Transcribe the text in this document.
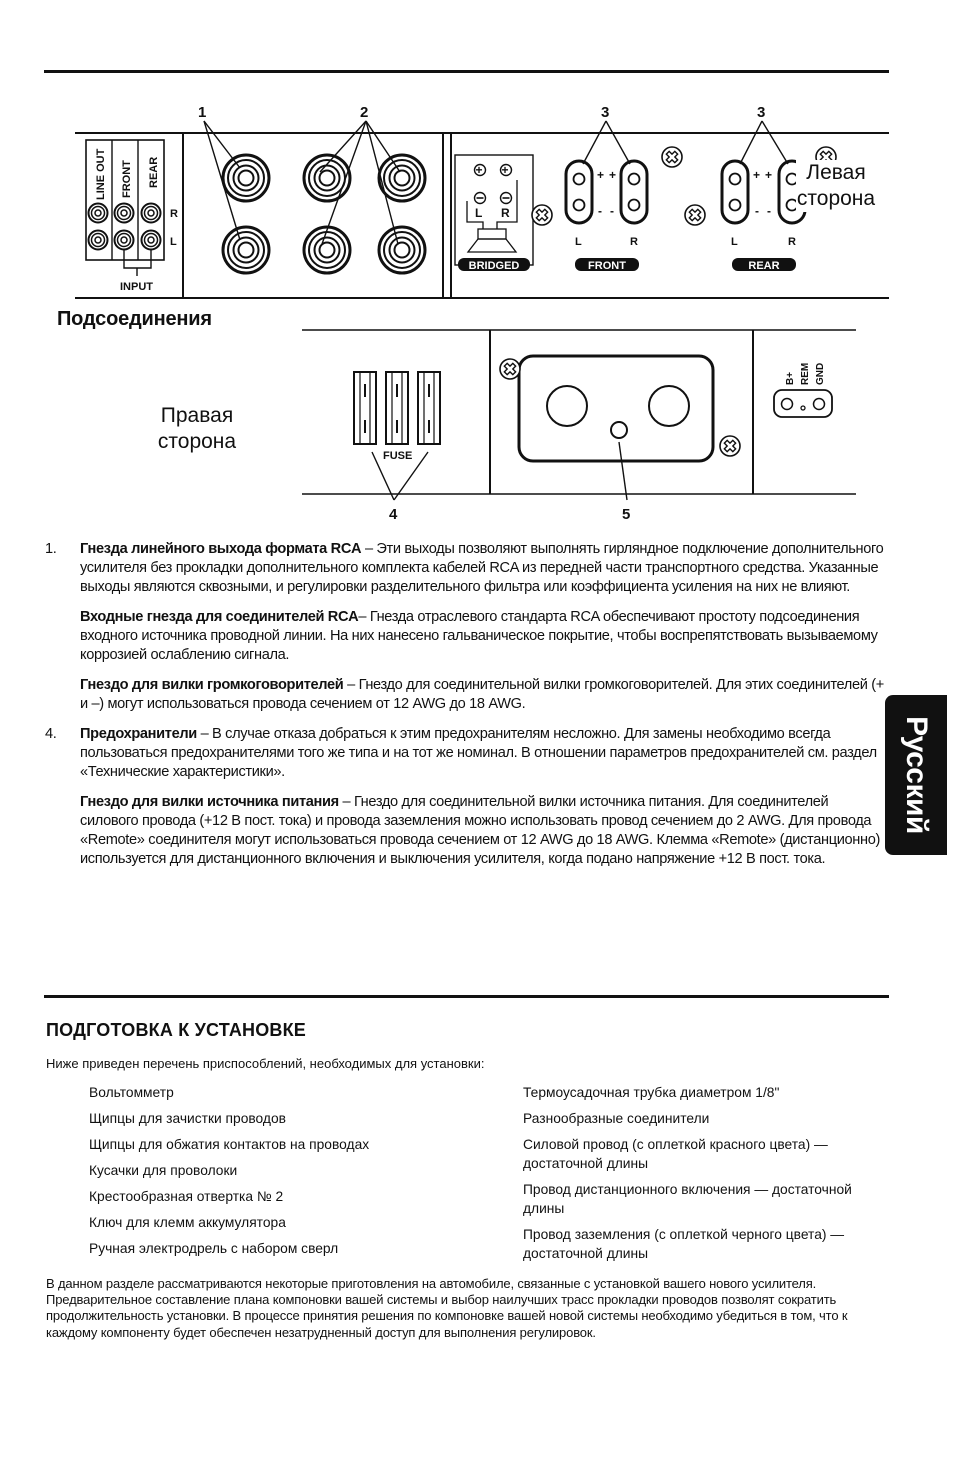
LINE OUT FRONT REAR
R
L
INPUT
1	2
+ +
L R
BRIDGED
+ +
- -
L	R
FRONT
+ +
- -
L	R
REAR
3	3
FUSE
4	5
B+ REM GND
Левая
сторона
Правая
сторона
Подсоединения
1. Гнезда линейного выхода формата RCA – Эти выходы позволяют выполнять гирляндное подключение дополнительного усилителя без прокладки дополнительного комплекта кабелей RCA из передней части транспортного средства. Указанные выходы являются сквозными, и регулировки разделительного фильтра или коэффициента усиления на них не влияют.
Входные гнезда для соединителей RCA– Гнезда отраслевого стандарта RCA обеспечивают простоту подсоединения входного источника проводной линии. На них нанесено гальваническое покрытие, чтобы воспрепятствовать вызываемому коррозией ослаблению сигнала.
Гнездо для вилки громкоговорителей – Гнездо для соединительной вилки громкоговорителей. Для этих соединителей (+ и –) могут использоваться провода сечением от 12 AWG до 18 AWG.
4. Предохранители – В случае отказа добраться к этим предохранителям несложно. Для замены необходимо всегда пользоваться предохранителями того же типа и на тот же номинал. В отношении параметров предохранителей см. раздел «Технические характеристики».
Гнездо для вилки источника питания – Гнездо для соединительной вилки источника питания. Для соединителей силового провода (+12 В пост. тока) и провода заземления можно использовать провод сечением до 2 AWG. Для провода «Remote» соединителя могут использоваться провода сечением от 12 AWG до 18 AWG. Клемма «Remote» (дистанционно) используется для дистанционного включения и выключения усилителя, когда подано напряжение +12 В пост. тока.
Русский
ПОДГОТОВКА К УСТАНОВКЕ
Ниже приведен перечень приспособлений, необходимых для установки:
Вольтомметр
Щипцы для зачистки проводов
Щипцы для обжатия контактов на проводах
Кусачки для проволоки
Крестообразная отвертка № 2
Ключ для клемм аккумулятора
Ручная электродрель с набором сверл
Термоусадочная трубка диаметром 1/8"
Разнообразные соединители
Силовой провод (с оплеткой красного цвета) — достаточной длины
Провод дистанционного включения — достаточной длины
Провод заземления (с оплеткой черного цвета) — достаточной длины
В данном разделе рассматриваются некоторые приготовления на автомобиле, связанные с установкой вашего нового усилителя. Предварительное составление плана компоновки вашей системы и выбор наилучших трасс прокладки проводов позволят сократить продолжительность установки. В процессе принятия решения по компоновке вашей новой системы необходимо убедиться в том, что к каждому компоненту будет обеспечен незатрудненный доступ для выполнения регулировок.
